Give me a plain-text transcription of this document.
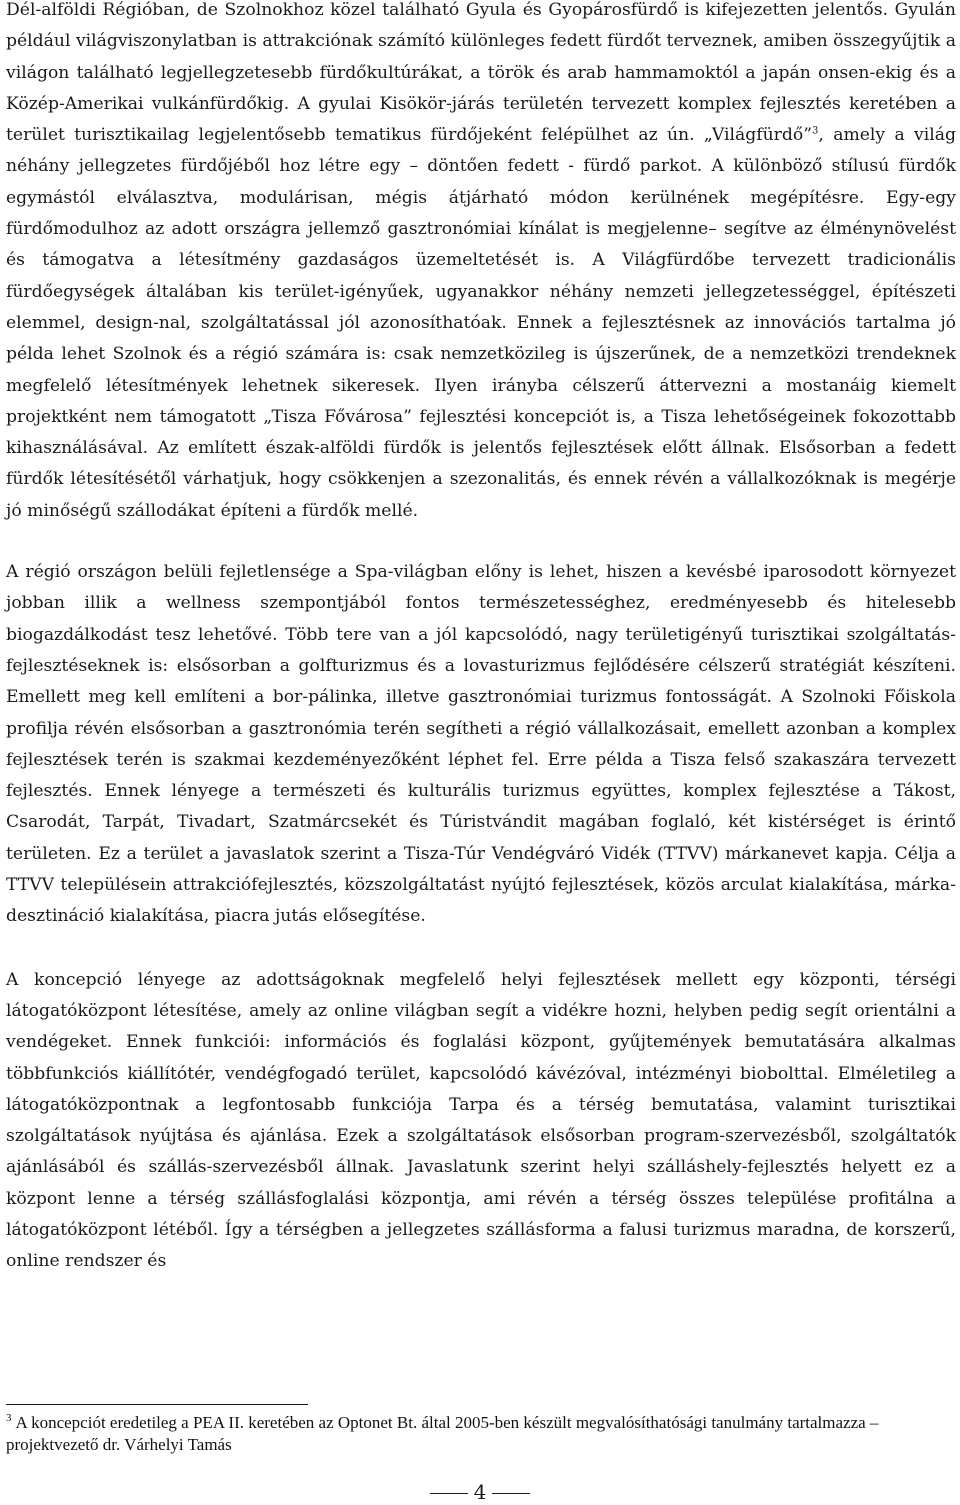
Dél-alföldi Régióban, de Szolnokhoz közel található Gyula és Gyopárosfürdő is kifejezetten jelentős. Gyulán például világviszonylatban is attrakciónak számító különleges fedett fürdőt terveznek, amiben összegyűjtik a világon található legjellegzetesebb fürdőkultúrákat, a török és arab hammamoktól a japán onsen-ekig és a Közép-Amerikai vulkánfürdőkig. A gyulai Kisökör-járás területén tervezett komplex fejlesztés keretében a terület turisztikailag legjelentősebb tematikus fürdőjeként felépülhet az ún. „Világfürdő”$^3$, amely a világ néhány jellegzetes fürdőjéből hoz létre egy – döntően fedett - fürdő parkot. A különböző stílusú fürdők egymástól elválasztva, modulárisan, mégis átjárható módon kerülnének megépítésre. Egy-egy fürdőmodulhoz az adott országra jellemző gasztronómiai kínálat is megjelenne– segítve az élménynövelést és támogatva a létesítmény gazdaságos üzemeltetését is. A Világfürdőbe tervezett tradicionális fürdőegységek általában kis terület-igényűek, ugyanakkor néhány nemzeti jellegzetességgel, építészeti elemmel, design-nal, szolgáltatással jól azonosíthatóak. Ennek a fejlesztésnek az innovációs tartalma jó példa lehet Szolnok és a régió számára is: csak nemzetközileg is újszerűnek, de a nemzetközi trendeknek megfelelő létesítmények lehetnek sikeresek. Ilyen irányba célszerű áttervezni a mostanáig kiemelt projektként nem támogatott „Tisza Fővárosa” fejlesztési koncepciót is, a Tisza lehetőségeinek fokozottabb kihasználásával. Az említett észak-alföldi fürdők is jelentős fejlesztések előtt állnak. Elsősorban a fedett fürdők létesítésétől várhatjuk, hogy csökkenjen a szezonalitás, és ennek révén a vállalkozóknak is megérje jó minőségű szállodákat építeni a fürdők mellé.

A régió országon belüli fejletlensége a Spa-világban előny is lehet, hiszen a kevésbé iparosodott környezet jobban illik a wellness szempontjából fontos természetességhez, eredményesebb és hitelesebb biogazdálkodást tesz lehetővé. Több tere van a jól kapcsolódó, nagy területigényű turisztikai szolgáltatás-fejlesztéseknek is: elsősorban a golfturizmus és a lovasturizmus fejlődésére célszerű stratégiát készíteni. Emellett meg kell említeni a bor-pálinka, illetve gasztronómiai turizmus fontosságát. A Szolnoki Főiskola profilja révén elsősorban a gasztronómia terén segítheti a régió vállalkozásait, emellett azonban a komplex fejlesztések terén is szakmai kezdeményezőként léphet fel. Erre példa a Tisza felső szakaszára tervezett fejlesztés. Ennek lényege a természeti és kulturális turizmus együttes, komplex fejlesztése a Tákost, Csarodát, Tarpát, Tivadart, Szatmárcsekét és Túristvándit magában foglaló, két kistérséget is érintő területen. Ez a terület a javaslatok szerint a Tisza-Túr Vendégváró Vidék (TTVV) márkanevet kapja. Célja a TTVV településein attrakciófejlesztés, közszolgáltatást nyújtó fejlesztések, közös arculat kialakítása, márka-desztináció kialakítása, piacra jutás elősegítése.

A koncepció lényege az adottságoknak megfelelő helyi fejlesztések mellett egy központi, térségi látogatóközpont létesítése, amely az online világban segít a vidékre hozni, helyben pedig segít orientálni a vendégeket. Ennek funkciói: információs és foglalási központ, gyűjtemények bemutatására alkalmas többfunkciós kiállítótér, vendégfogadó terület, kapcsolódó kávézóval, intézményi biobolttal. Elméletileg a látogatóközpontnak a legfontosabb funkciója Tarpa és a térség bemutatása, valamint turisztikai szolgáltatások nyújtása és ajánlása. Ezek a szolgáltatások elsősorban program-szervezésből, szolgáltatók ajánlásából és szállás-szervezésből állnak. Javaslatunk szerint helyi szálláshely-fejlesztés helyett ez a központ lenne a térség szállásfoglalási központja, ami révén a térség összes települése profitálna a látogatóközpont létéből. Így a térségben a jellegzetes szállásforma a falusi turizmus maradna, de korszerű, online rendszer és

$^3$ A koncepciót eredetileg a PEA II. keretében az Optonet Bt. által 2005-ben készült megvalósíthatósági tanulmány tartalmazza – projektvezető dr. Várhelyi Tamás
4
